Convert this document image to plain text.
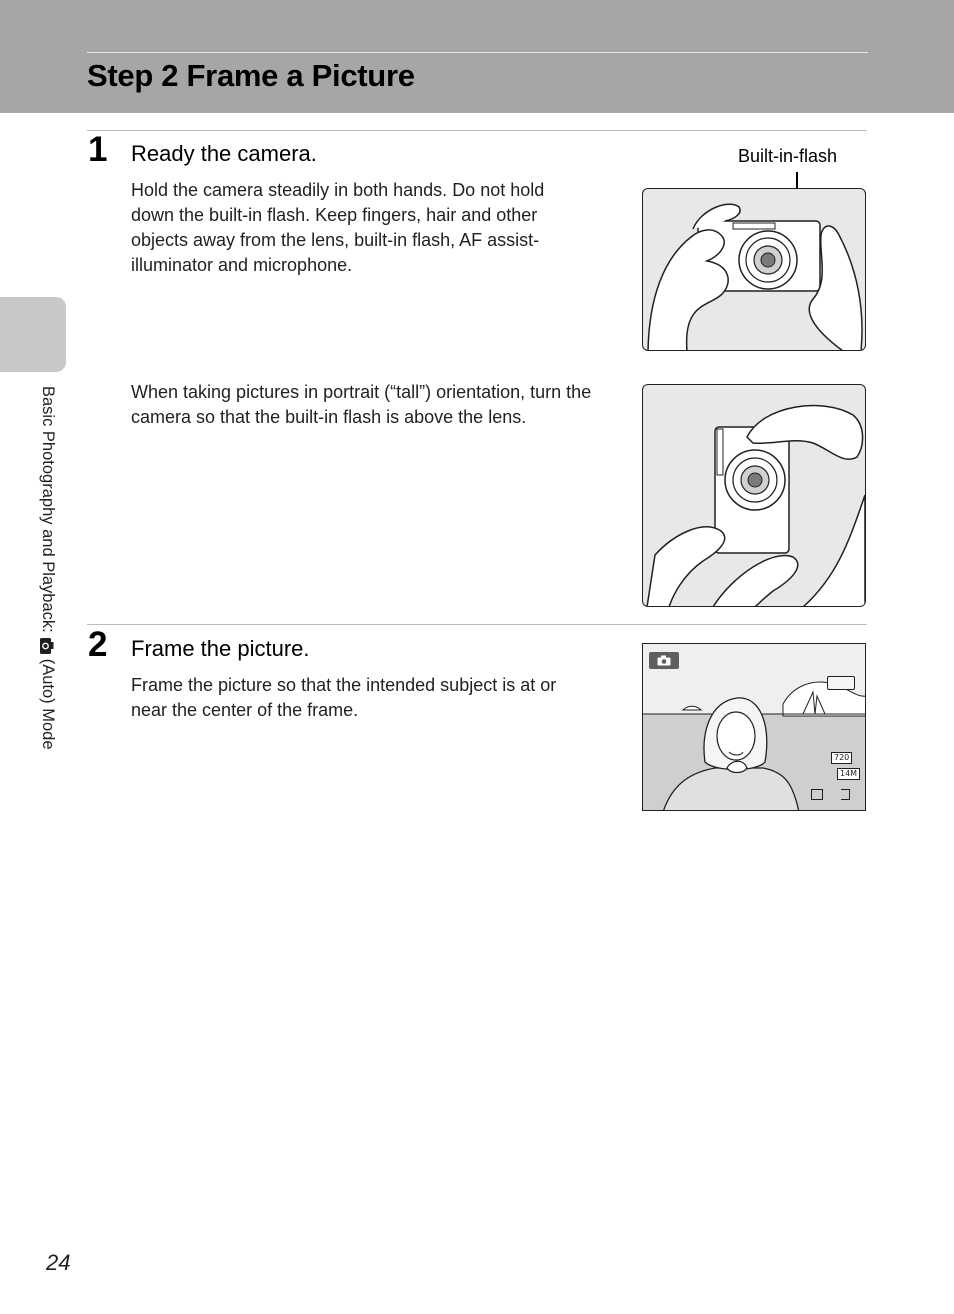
Step 2 Frame a Picture
Basic Photography and Playback:
(Auto) Mode
1 Ready the camera.

Hold the camera steadily in both hands. Do not hold down the built-in flash. Keep fingers, hair and other objects away from the lens, built-in flash, AF assist-illuminator and microphone.

Built-in-flash

When taking pictures in portrait (“tall”) orientation, turn the camera so that the built-in flash is above the lens.

2 Frame the picture.

Frame the picture so that the intended subject is at or near the center of the frame.

720
14M
24
